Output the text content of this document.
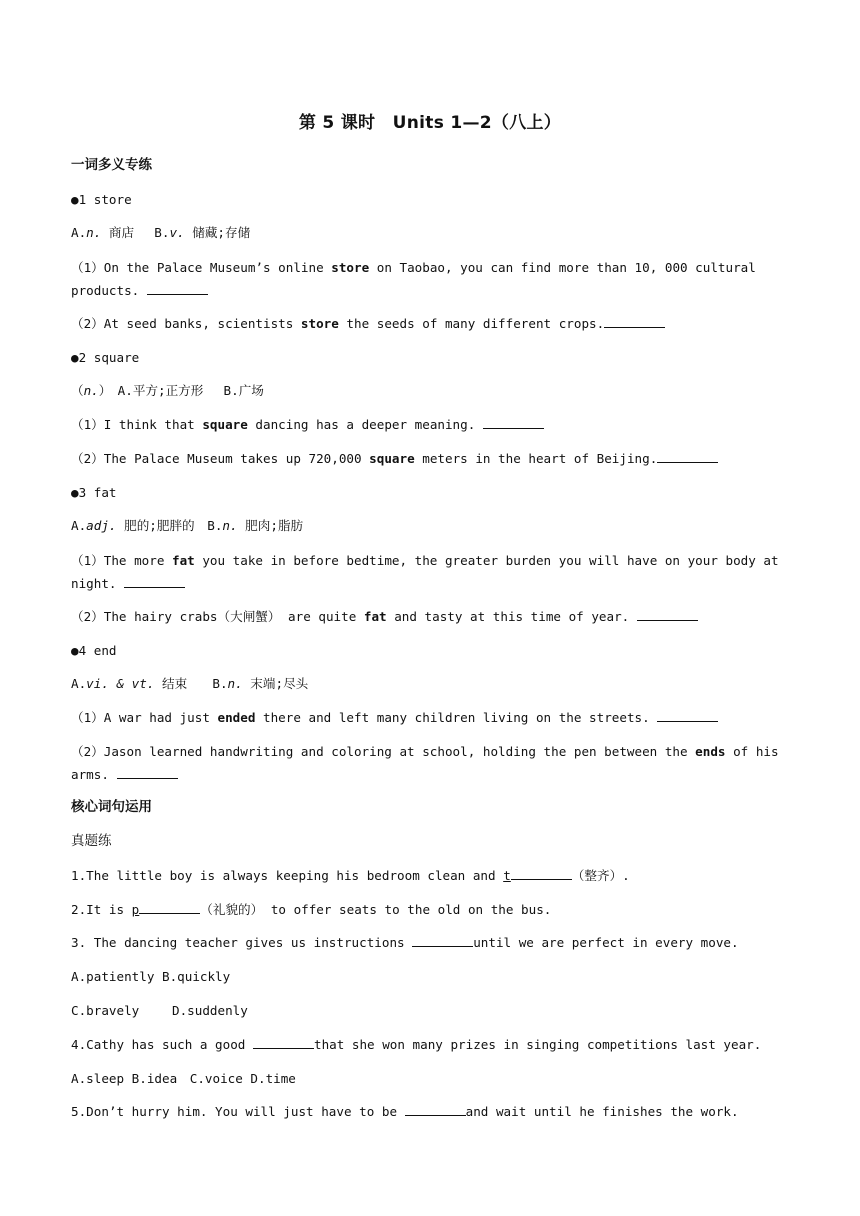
第 5 课时　Units 1—2（八上）
一词多义专练
●1 store
A.n. 商店　 B.v. 储藏;存储
（1）On the Palace Museum’s online store on Taobao, you can find more than 10, 000 cultural products.
（2）At seed banks, scientists store the seeds of many different crops.
●2 square
（n.）　A.平方;正方形　 B.广场
（1）I think that square dancing has a deeper meaning.
（2）The Palace Museum takes up 720,000 square meters in the heart of Beijing.
●3 fat
A.adj. 肥的;肥胖的　B.n. 肥肉;脂肪
（1）The more fat you take in before bedtime, the greater burden you will have on your body at night.
（2）The hairy crabs（大闸蟹） are quite fat and tasty at this time of year.
●4 end
A.vi. & vt. 结束　　B.n. 末端;尽头
（1）A war had just ended there and left many children living on the streets.
（2）Jason learned handwriting and coloring at school, holding the pen between the ends of his arms.
核心词句运用
真题练
1.The little boy is always keeping his bedroom clean and t	（整齐）.
2.It is p	（礼貌的） to offer seats to the old on the bus.
3. The dancing teacher gives us instructions	until we are perfect in every move.
A.patiently B.quickly
C.bravely　　 D.suddenly
4.Cathy has such a good	that she won many prizes in singing competitions last year.
A.sleep B.idea　C.voice D.time
5.Don’t hurry him. You will just have to be	and wait until he finishes the work.
